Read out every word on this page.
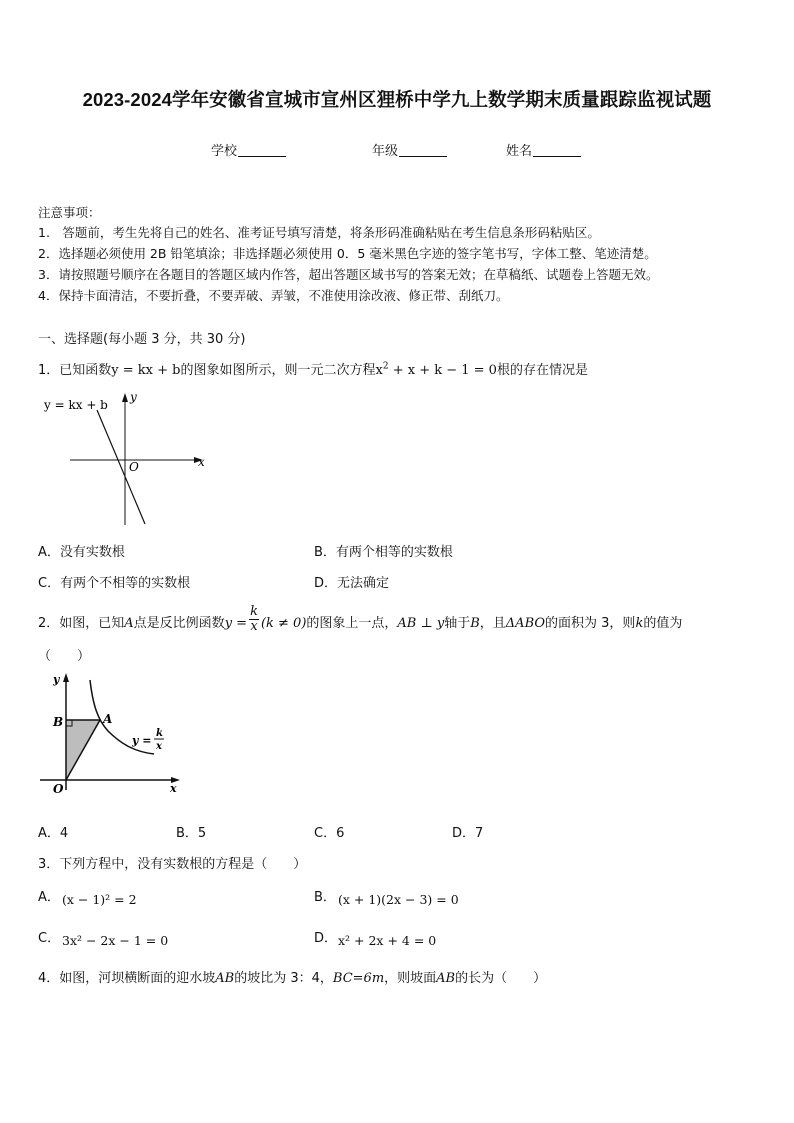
2023-2024学年安徽省宣城市宣州区狸桥中学九上数学期末质量跟踪监视试题
学校	年级	姓名
注意事项：
1.　答题前，考生先将自己的姓名、准考证号填写清楚，将条形码准确粘贴在考生信息条形码粘贴区。
2．选择题必须使用 2B 铅笔填涂；非选择题必须使用 0．5 毫米黑色字迹的签字笔书写，字体工整、笔迹清楚。
3．请按照题号顺序在各题目的答题区域内作答，超出答题区域书写的答案无效；在草稿纸、试题卷上答题无效。
4．保持卡面清洁，不要折叠，不要弄破、弄皱，不准使用涂改液、修正带、刮纸刀。
一、选择题(每小题 3 分，共 30 分)
1．已知函数y = kx + b的图象如图所示，则一元二次方程$x^2 + x + k - 1 = 0$根的存在情况是
y = kx + b
y
x
O
A．没有实数根	B．有两个相等的实数根
C．有两个不相等的实数根	D．无法确定
2．如图，已知A点是反比例函数$y = \frac{k}{x} (k \ne 0)$的图象上一点，AB ⊥ y轴于B，且ΔABO的面积为 3，则k的值为
（　　）
y
x
O
B	A
y =
k
x
A．4	B．5	C．6	D．7
3．下列方程中，没有实数根的方程是（　　）
A． (x − 1)² = 2	B． (x + 1)(2x − 3) = 0
C． 3x² − 2x − 1 = 0	D． x² + 2x + 4 = 0
4．如图，河坝横断面的迎水坡AB的坡比为 3：4，BC=6m，则坡面AB的长为（　　）
